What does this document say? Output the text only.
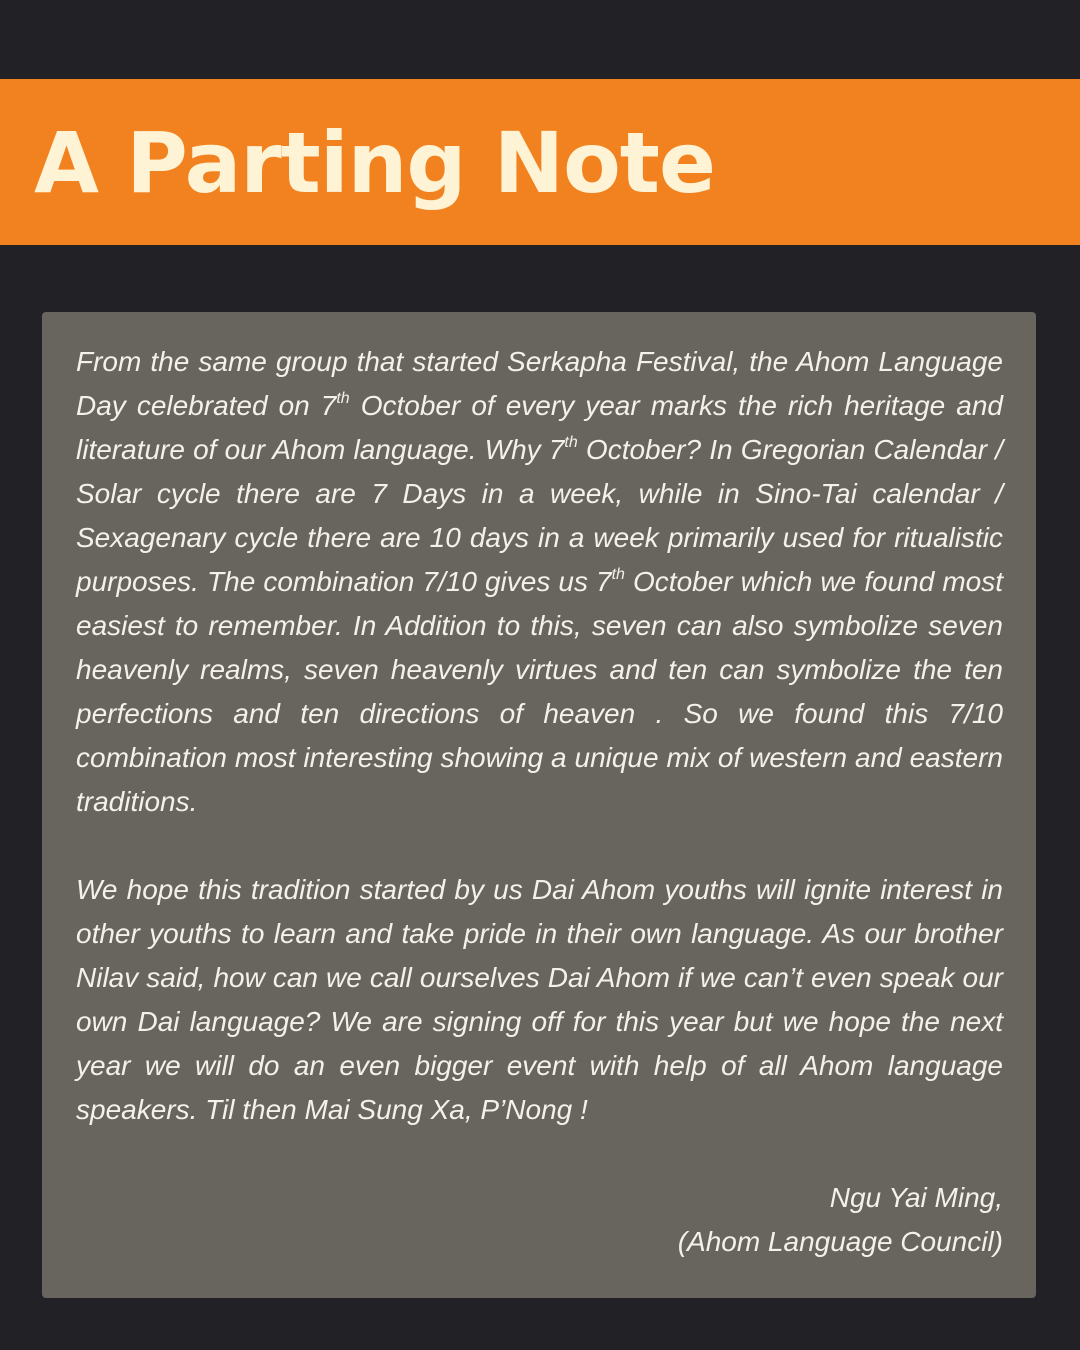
A Parting Note

From the same group that started Serkapha Festival, the Ahom Language Day celebrated on 7th October of every year marks the rich heritage and literature of our Ahom language. Why 7th October? In Gregorian Calendar / Solar cycle there are 7 Days in a week, while in Sino-Tai calendar / Sexagenary cycle there are 10 days in a week primarily used for ritualistic purposes. The combination 7/10 gives us 7th October which we found most easiest to remember. In Addition to this, seven can also symbolize seven heavenly realms, seven heavenly virtues and ten can symbolize the ten perfections and ten directions of heaven . So we found this 7/10 combination most interesting showing a unique mix of western and eastern traditions.

We hope this tradition started by us Dai Ahom youths will ignite interest in other youths to learn and take pride in their own language. As our brother Nilav said, how can we call ourselves Dai Ahom if we can’t even speak our own Dai language? We are signing off for this year but we hope the next year we will do an even bigger event with help of all Ahom language speakers. Til then Mai Sung Xa, P’Nong !

Ngu Yai Ming,
(Ahom Language Council)
